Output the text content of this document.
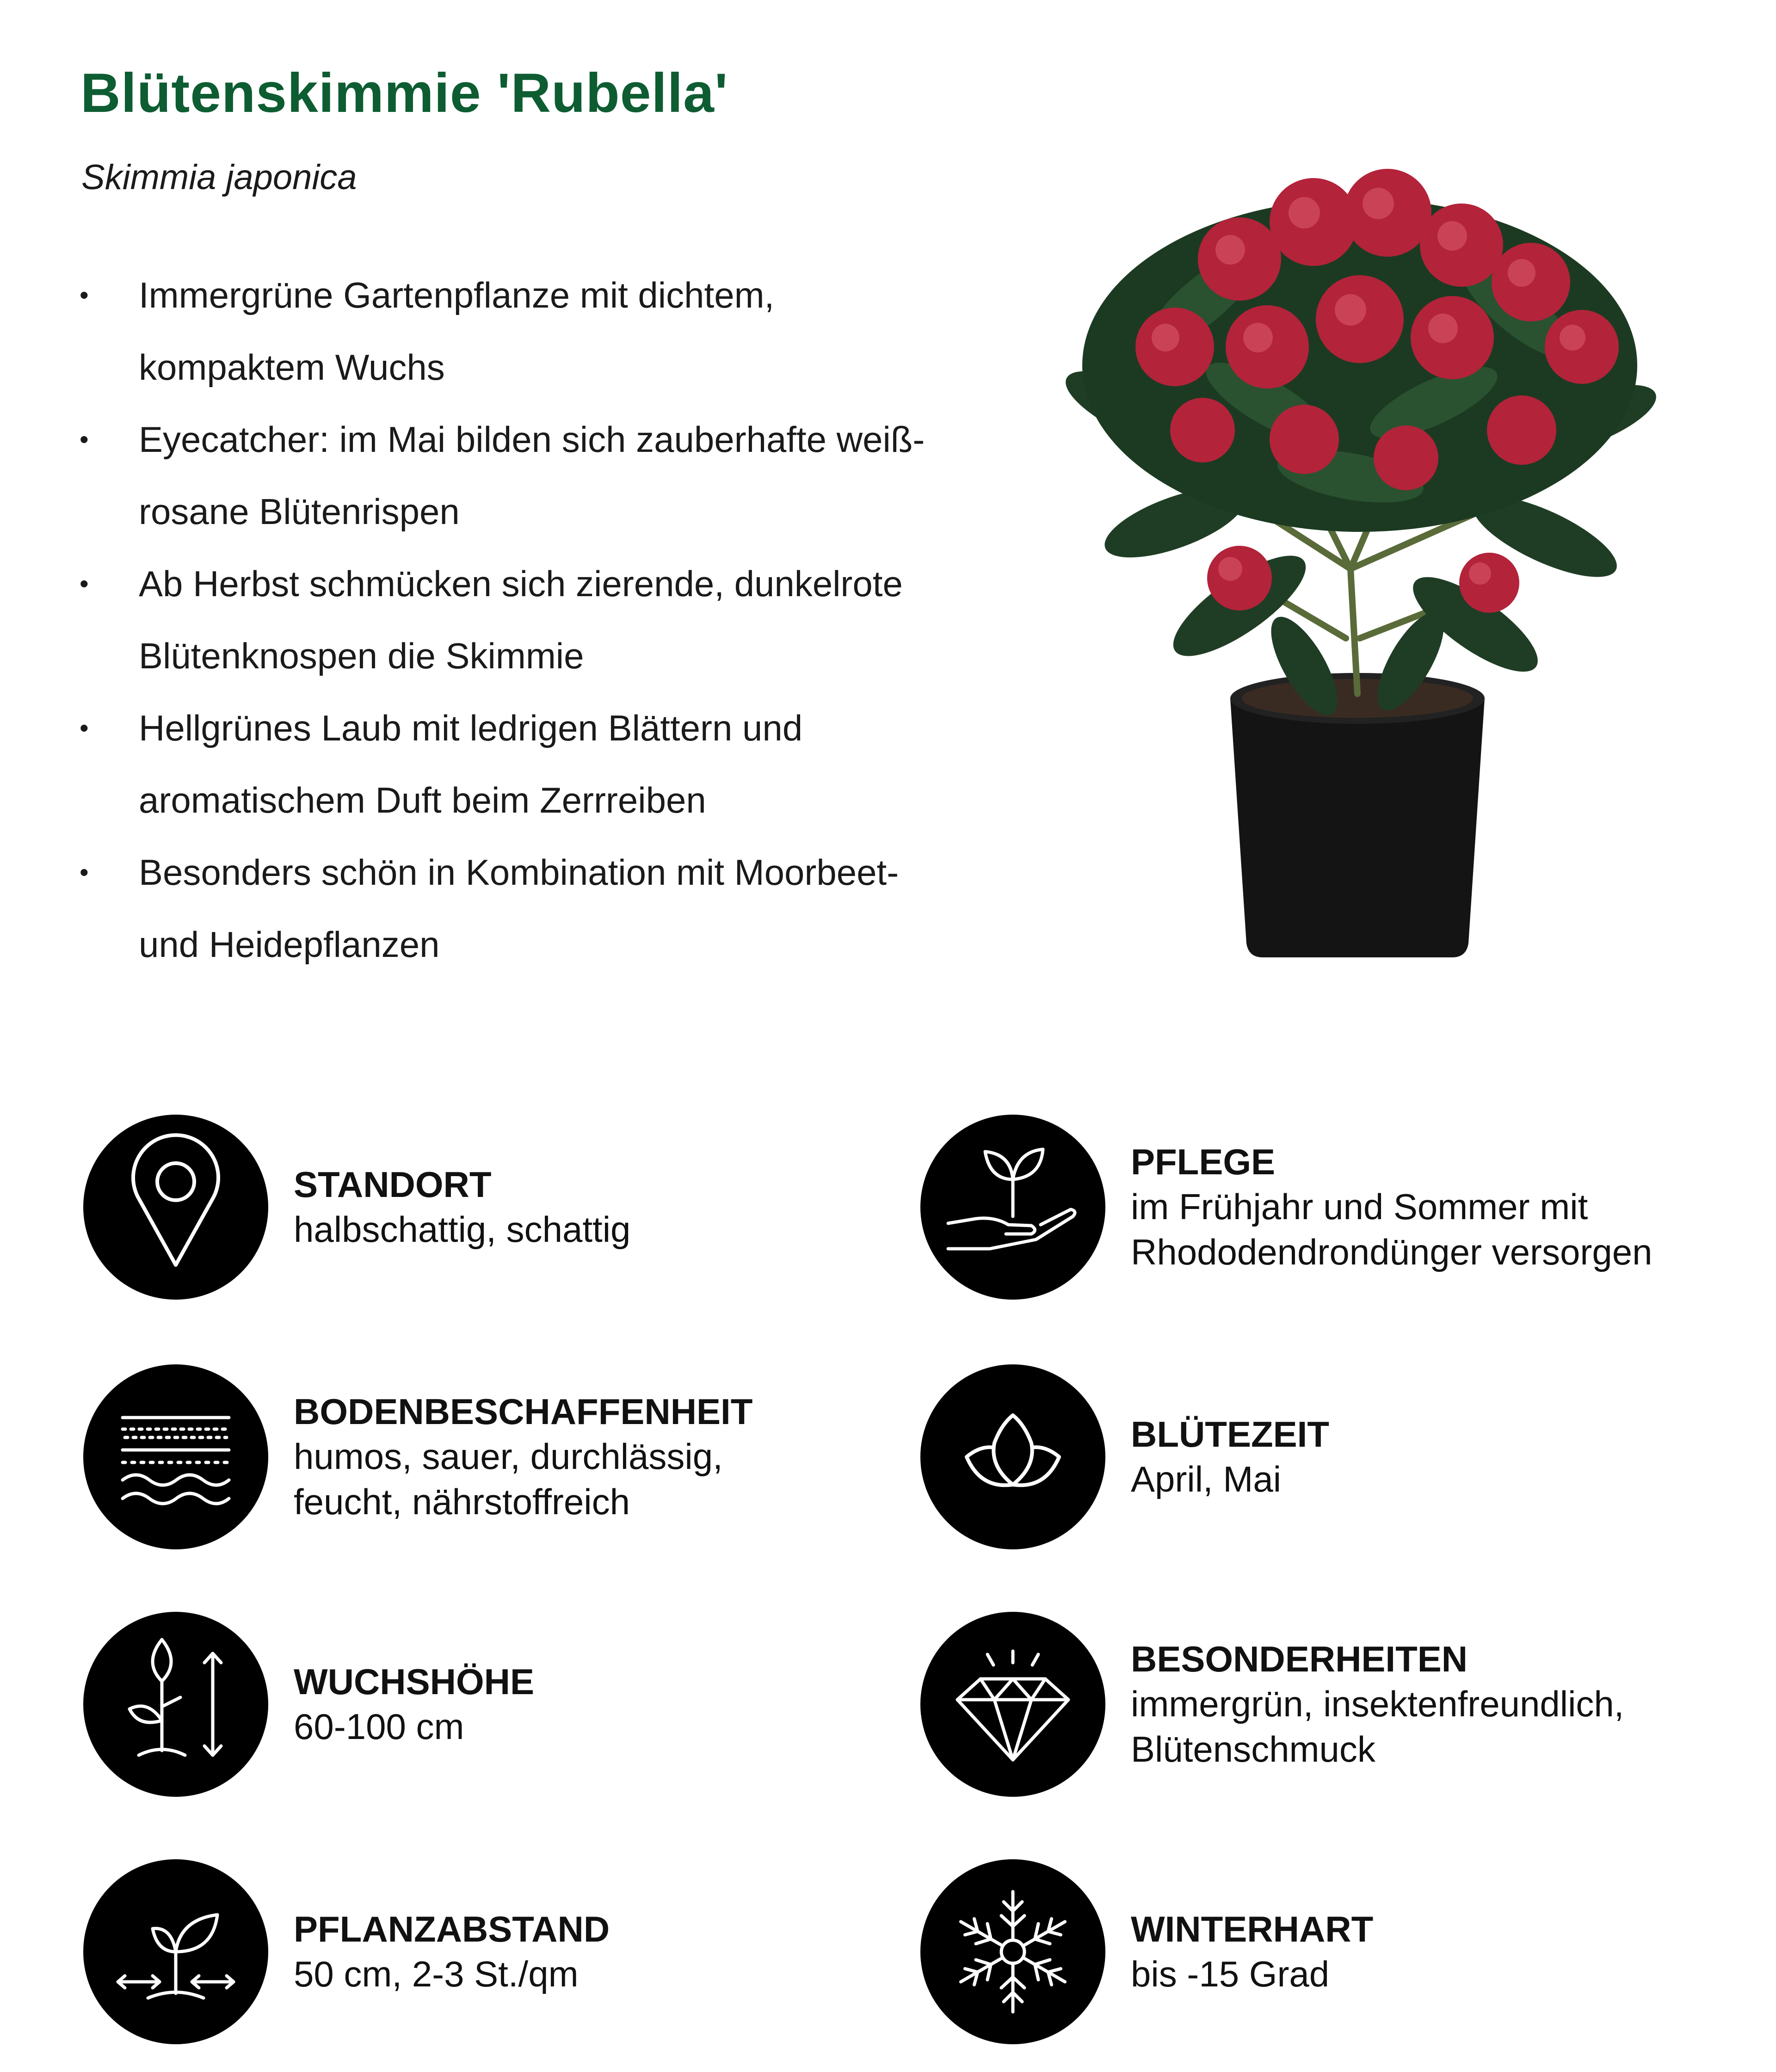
Blütenskimmie 'Rubella'

Skimmia japonica

• Immergrüne Gartenpflanze mit dichtem, kompaktem Wuchs
• Eyecatcher: im Mai bilden sich zauberhafte weiß-rosane Blütenrispen
• Ab Herbst schmücken sich zierende, dunkelrote Blütenknospen die Skimmie
• Hellgrünes Laub mit ledrigen Blättern und aromatischem Duft beim Zerrreiben
• Besonders schön in Kombination mit Moorbeet- und Heidepflanzen
STANDORT
halbschattig, schattig
BODENBESCHAFFENHEIT
humos, sauer, durchlässig,
feucht, nährstoffreich
WUCHSHÖHE
60-100 cm
PFLANZABSTAND
50 cm, 2-3 St./qm
PFLEGE
im Frühjahr und Sommer mit
Rhododendrondünger versorgen
BLÜTEZEIT
April, Mai
BESONDERHEITEN
immergrün, insektenfreundlich,
Blütenschmuck
WINTERHART
bis -15 Grad
